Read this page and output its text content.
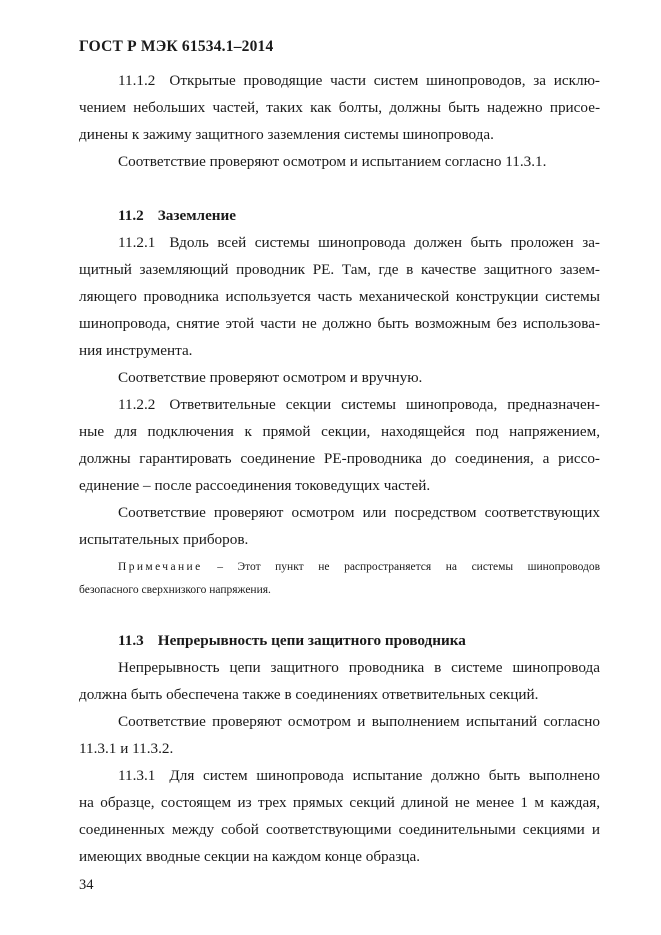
ГОСТ Р МЭК 61534.1–2014
11.1.2 Открытые проводящие части систем шинопроводов, за исклю-
чением небольших частей, таких как болты, должны быть надежно присое-
динены к зажиму защитного заземления системы шинопровода.
Соответствие проверяют осмотром и испытанием согласно 11.3.1.
11.2 Заземление
11.2.1 Вдоль всей системы шинопровода должен быть проложен за-
щитный заземляющий проводник PE. Там, где в качестве защитного зазем-
ляющего проводника используется часть механической конструкции системы
шинопровода, снятие этой части не должно быть возможным без использова-
ния инструмента.
Соответствие проверяют осмотром и вручную.
11.2.2 Ответвительные секции системы шинопровода, предназначен-
ные для подключения к прямой секции, находящейся под напряжением,
должны гарантировать соединение PE-проводника до соединения, а риссо-
единение – после рассоединения токоведущих частей.
Соответствие проверяют осмотром или посредством соответствующих
испытательных приборов.
Примечание – Этот пункт не распространяется на системы шинопроводов
безопасного сверхнизкого напряжения.
11.3 Непрерывность цепи защитного проводника
Непрерывность цепи защитного проводника в системе шинопровода
должна быть обеспечена также в соединениях ответвительных секций.
Соответствие проверяют осмотром и выполнением испытаний согласно
11.3.1 и 11.3.2.
11.3.1 Для систем шинопровода испытание должно быть выполнено
на образце, состоящем из трех прямых секций длиной не менее 1 м каждая,
соединенных между собой соответствующими соединительными секциями и
имеющих вводные секции на каждом конце образца.
34
